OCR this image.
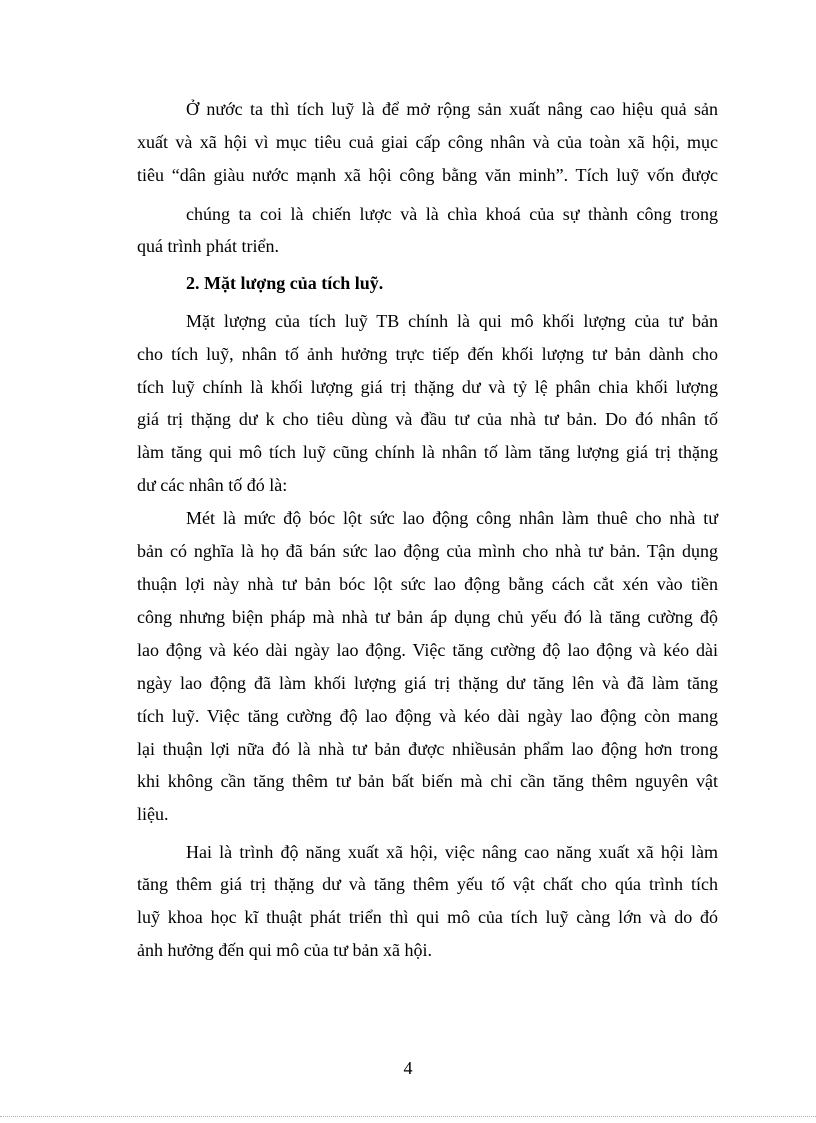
Ở nước ta thì tích luỹ là để mở rộng sản xuất nâng cao hiệu quả sản
xuất và xã hội vì mục tiêu cuả giai cấp công nhân và của toàn xã hội, mục
tiêu “dân giàu nước mạnh xã hội công bằng văn minh”. Tích luỹ vốn được
chúng ta coi là chiến lược và là chìa khoá của sự thành công trong
quá trình phát triển.
2. Mặt lượng của tích luỹ.
Mặt lượng của tích luỹ TB chính là qui mô khối lượng của tư bản
cho tích luỹ, nhân tố ảnh hưởng trực tiếp đến khối lượng tư bản dành cho
tích luỹ chính là khối lượng giá trị thặng dư và tỷ lệ phân chia khối lượng
giá trị thặng dư k cho tiêu dùng và đầu tư của nhà tư bản. Do đó nhân tố
làm tăng qui mô tích luỹ cũng chính là nhân tố làm tăng lượng giá trị thặng
dư các nhân tố đó là:
Mét là mức độ bóc lột sức lao động công nhân làm thuê cho nhà tư
bản có nghĩa là họ đã bán sức lao động của mình cho nhà tư bản. Tận dụng
thuận lợi này nhà tư bản bóc lột sức lao động bằng cách cắt xén vào tiền
công nhưng biện pháp mà nhà tư bản áp dụng chủ yếu đó là tăng cường độ
lao động và kéo dài ngày lao động. Việc tăng cường độ lao động và kéo dài
ngày lao động đã làm khối lượng giá trị thặng dư tăng lên và đã làm tăng
tích luỹ. Việc tăng cường độ lao động và kéo dài ngày lao động còn mang
lại thuận lợi nữa đó là nhà tư bản được nhiềusản phẩm lao động hơn trong
khi không cần tăng thêm tư bản bất biến mà chỉ cần tăng thêm nguyên vật
liệu.
Hai là trình độ năng xuất xã hội, việc nâng cao năng xuất xã hội làm
tăng thêm giá trị thặng dư và tăng thêm yếu tố vật chất cho qúa trình tích
luỹ khoa học kĩ thuật phát triển thì qui mô của tích luỹ càng lớn và do đó
ảnh hưởng đến qui mô của tư bản xã hội.
4
